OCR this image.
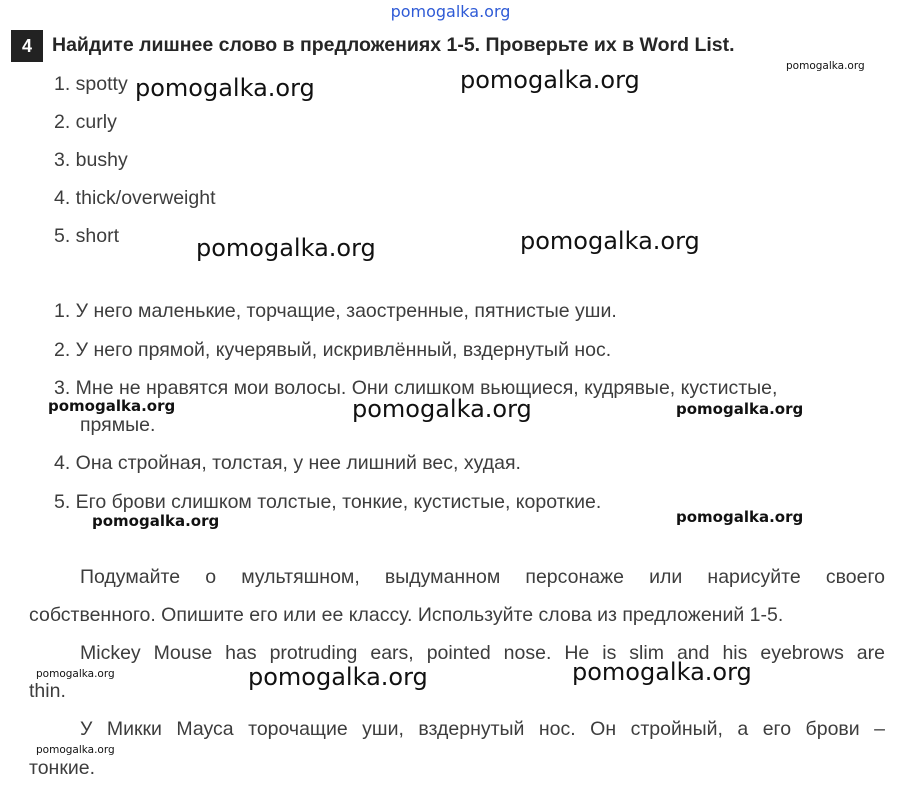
pomogalka.org
4	Найдите лишнее слово в предложениях 1-5. Проверьте их в Word List.
1. spotty
2. curly
3. bushy
4. thick/overweight
5. short
1. У него маленькие, торчащие, заостренные, пятнистые уши.
2. У него прямой, кучерявый, искривлённый, вздернутый нос.
3. Мне не нравятся мои волосы. Они слишком вьющиеся, кудрявые, кустистые,
прямые.
4. Она стройная, толстая, у нее лишний вес, худая.
5. Его брови слишком толстые, тонкие, кустистые, короткие.
Подумайте о мультяшном, выдуманном персонаже или нарисуйте своего
собственного. Опишите его или ее классу. Используйте слова из предложений 1-5.
Mickey Mouse has protruding ears, pointed nose. He is slim and his eyebrows are
thin.
У Микки Мауса торочащие уши, вздернутый нос. Он стройный, а его брови –
тонкие.
pomogalka.org	pomogalka.org	pomogalka.org
pomogalka.org	pomogalka.org
pomogalka.org	pomogalka.org	pomogalka.org
pomogalka.org	pomogalka.org
pomogalka.org	pomogalka.org	pomogalka.org
pomogalka.org
